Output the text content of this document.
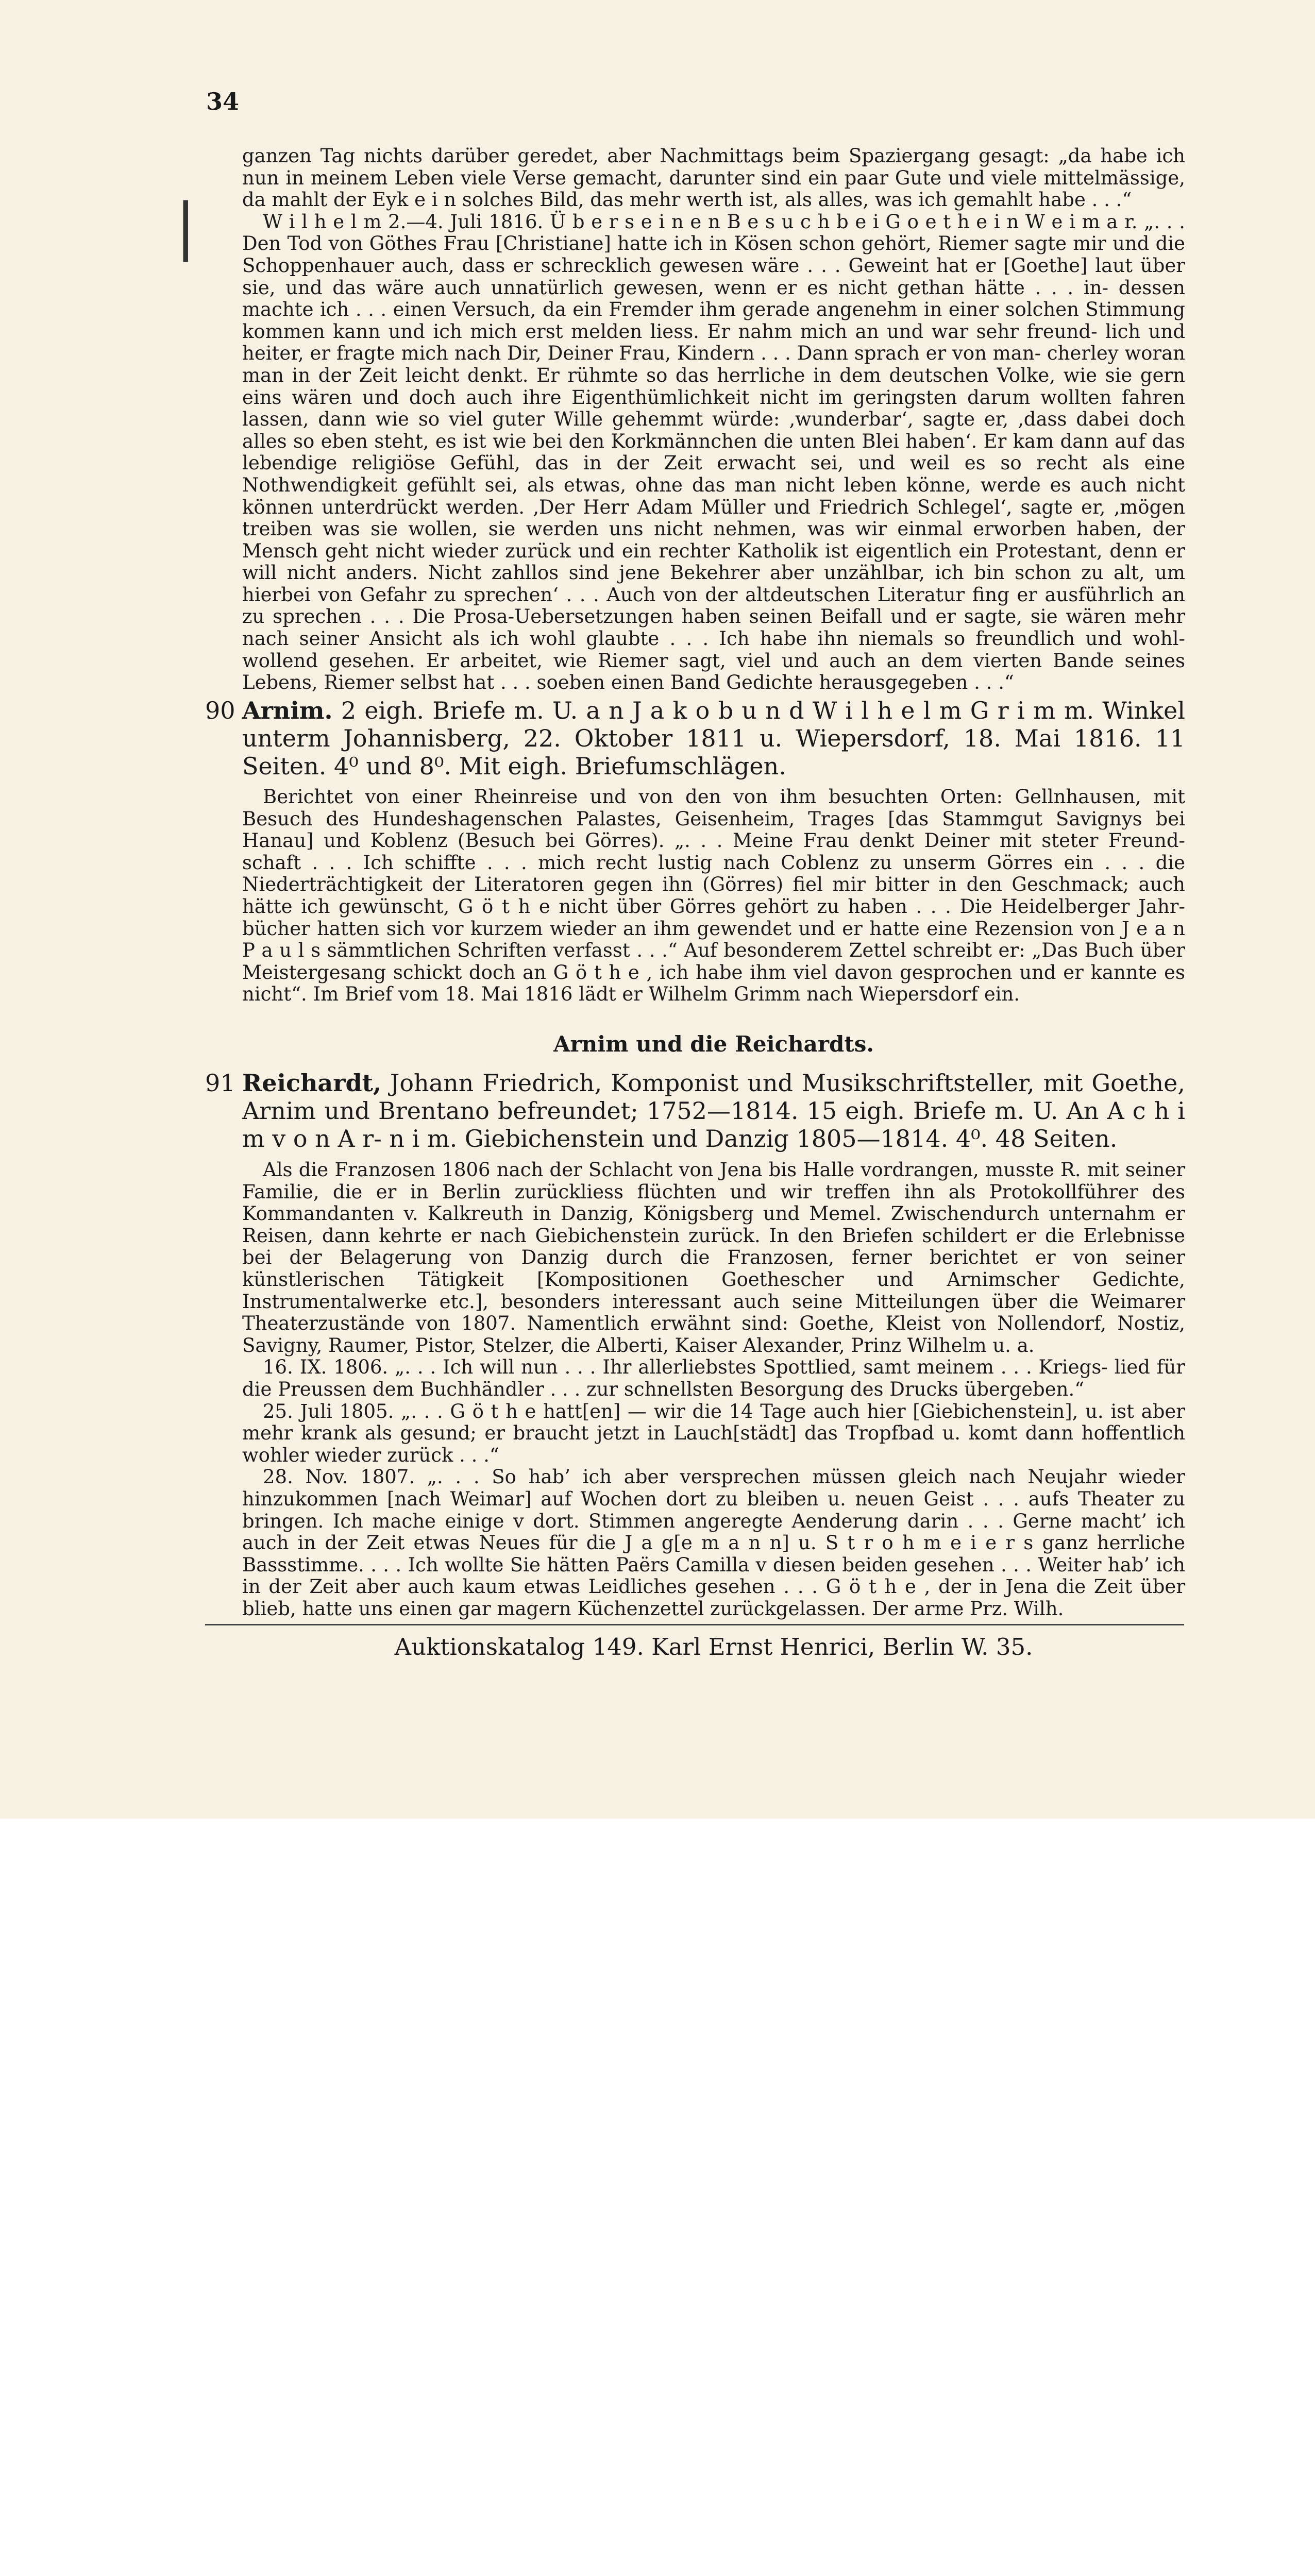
34
|

ganzen Tag nichts darüber geredet, aber Nachmittags beim Spaziergang gesagt: „da habe ich nun in meinem Leben viele Verse gemacht, darunter sind ein paar Gute und viele mittelmässige, da mahlt der Eyk e i n solches Bild, das mehr werth ist, als alles, was ich gemahlt habe . . .“

W i l h e l m 2.—4. Juli 1816. Ü b e r s e i n e n B e s u c h b e i G o e t h e i n W e i m a r. „. . . Den Tod von Göthes Frau [Christiane] hatte ich in Kösen schon gehört, Riemer sagte mir und die Schoppenhauer auch, dass er schrecklich gewesen wäre . . . Geweint hat er [Goethe] laut über sie, und das wäre auch unnatürlich gewesen, wenn er es nicht gethan hätte . . . in- dessen machte ich . . . einen Versuch, da ein Fremder ihm gerade angenehm in einer solchen Stimmung kommen kann und ich mich erst melden liess. Er nahm mich an und war sehr freund- lich und heiter, er fragte mich nach Dir, Deiner Frau, Kindern . . . Dann sprach er von man- cherley woran man in der Zeit leicht denkt. Er rühmte so das herrliche in dem deutschen Volke, wie sie gern eins wären und doch auch ihre Eigenthümlichkeit nicht im geringsten darum wollten fahren lassen, dann wie so viel guter Wille gehemmt würde: ‚wunderbar‘, sagte er, ‚dass dabei doch alles so eben steht, es ist wie bei den Korkmännchen die unten Blei haben‘. Er kam dann auf das lebendige religiöse Gefühl, das in der Zeit erwacht sei, und weil es so recht als eine Nothwendigkeit gefühlt sei, als etwas, ohne das man nicht leben könne, werde es auch nicht können unterdrückt werden. ‚Der Herr Adam Müller und Friedrich Schlegel‘, sagte er, ‚mögen treiben was sie wollen, sie werden uns nicht nehmen, was wir einmal erworben haben, der Mensch geht nicht wieder zurück und ein rechter Katholik ist eigentlich ein Protestant, denn er will nicht anders. Nicht zahllos sind jene Bekehrer aber unzählbar, ich bin schon zu alt, um hierbei von Gefahr zu sprechen‘ . . . Auch von der altdeutschen Literatur fing er ausführlich an zu sprechen . . . Die Prosa-Uebersetzungen haben seinen Beifall und er sagte, sie wären mehr nach seiner Ansicht als ich wohl glaubte . . . Ich habe ihn niemals so freundlich und wohl- wollend gesehen. Er arbeitet, wie Riemer sagt, viel und auch an dem vierten Bande seines Lebens, Riemer selbst hat . . . soeben einen Band Gedichte herausgegeben . . .“

90 Arnim. 2 eigh. Briefe m. U. a n J a k o b u n d W i l h e l m G r i m m. Winkel unterm Johannisberg, 22. Oktober 1811 u. Wiepersdorf, 18. Mai 1816. 11 Seiten. 4⁰ und 8⁰. Mit eigh. Briefumschlägen.

Berichtet von einer Rheinreise und von den von ihm besuchten Orten: Gellnhausen, mit Besuch des Hundeshagenschen Palastes, Geisenheim, Trages [das Stammgut Savignys bei Hanau] und Koblenz (Besuch bei Görres). „. . . Meine Frau denkt Deiner mit steter Freund- schaft . . . Ich schiffte . . . mich recht lustig nach Coblenz zu unserm Görres ein . . . die Niederträchtigkeit der Literatoren gegen ihn (Görres) fiel mir bitter in den Geschmack; auch hätte ich gewünscht, G ö t h e nicht über Görres gehört zu haben . . . Die Heidelberger Jahr- bücher hatten sich vor kurzem wieder an ihm gewendet und er hatte eine Rezension von J e a n P a u l s sämmtlichen Schriften verfasst . . .“ Auf besonderem Zettel schreibt er: „Das Buch über Meistergesang schickt doch an G ö t h e , ich habe ihm viel davon gesprochen und er kannte es nicht“. Im Brief vom 18. Mai 1816 lädt er Wilhelm Grimm nach Wiepersdorf ein.

Arnim und die Reichardts.
91 Reichardt, Johann Friedrich, Komponist und Musikschriftsteller, mit Goethe, Arnim und Brentano befreundet; 1752—1814. 15 eigh. Briefe m. U. An A c h i m v o n A r- n i m. Giebichenstein und Danzig 1805—1814. 4⁰. 48 Seiten.

Als die Franzosen 1806 nach der Schlacht von Jena bis Halle vordrangen, musste R. mit seiner Familie, die er in Berlin zurückliess flüchten und wir treffen ihn als Protokollführer des Kommandanten v. Kalkreuth in Danzig, Königsberg und Memel. Zwischendurch unternahm er Reisen, dann kehrte er nach Giebichenstein zurück. In den Briefen schildert er die Erlebnisse bei der Belagerung von Danzig durch die Franzosen, ferner berichtet er von seiner künstlerischen Tätigkeit [Kompositionen Goethescher und Arnimscher Gedichte, Instrumentalwerke etc.], besonders interessant auch seine Mitteilungen über die Weimarer Theaterzustände von 1807. Namentlich erwähnt sind: Goethe, Kleist von Nollendorf, Nostiz, Savigny, Raumer, Pistor, Stelzer, die Alberti, Kaiser Alexander, Prinz Wilhelm u. a.

16. IX. 1806. „. . . Ich will nun . . . Ihr allerliebstes Spottlied, samt meinem . . . Kriegs- lied für die Preussen dem Buchhändler . . . zur schnellsten Besorgung des Drucks übergeben.“

25. Juli 1805. „. . . G ö t h e hatt[en] — wir die 14 Tage auch hier [Giebichenstein], u. ist aber mehr krank als gesund; er braucht jetzt in Lauch[städt] das Tropfbad u. komt dann hoffentlich wohler wieder zurück . . .“

28. Nov. 1807. „. . . So hab’ ich aber versprechen müssen gleich nach Neujahr wieder hinzukommen [nach Weimar] auf Wochen dort zu bleiben u. neuen Geist . . . aufs Theater zu bringen. Ich mache einige v dort. Stimmen angeregte Aenderung darin . . . Gerne macht’ ich auch in der Zeit etwas Neues für die J a g[e m a n n] u. S t r o h m e i e r s ganz herrliche Bassstimme. . . . Ich wollte Sie hätten Paërs Camilla v diesen beiden gesehen . . . Weiter hab’ ich in der Zeit aber auch kaum etwas Leidliches gesehen . . . G ö t h e , der in Jena die Zeit über blieb, hatte uns einen gar magern Küchenzettel zurückgelassen. Der arme Prz. Wilh.

Auktionskatalog 149. Karl Ernst Henrici, Berlin W. 35.
